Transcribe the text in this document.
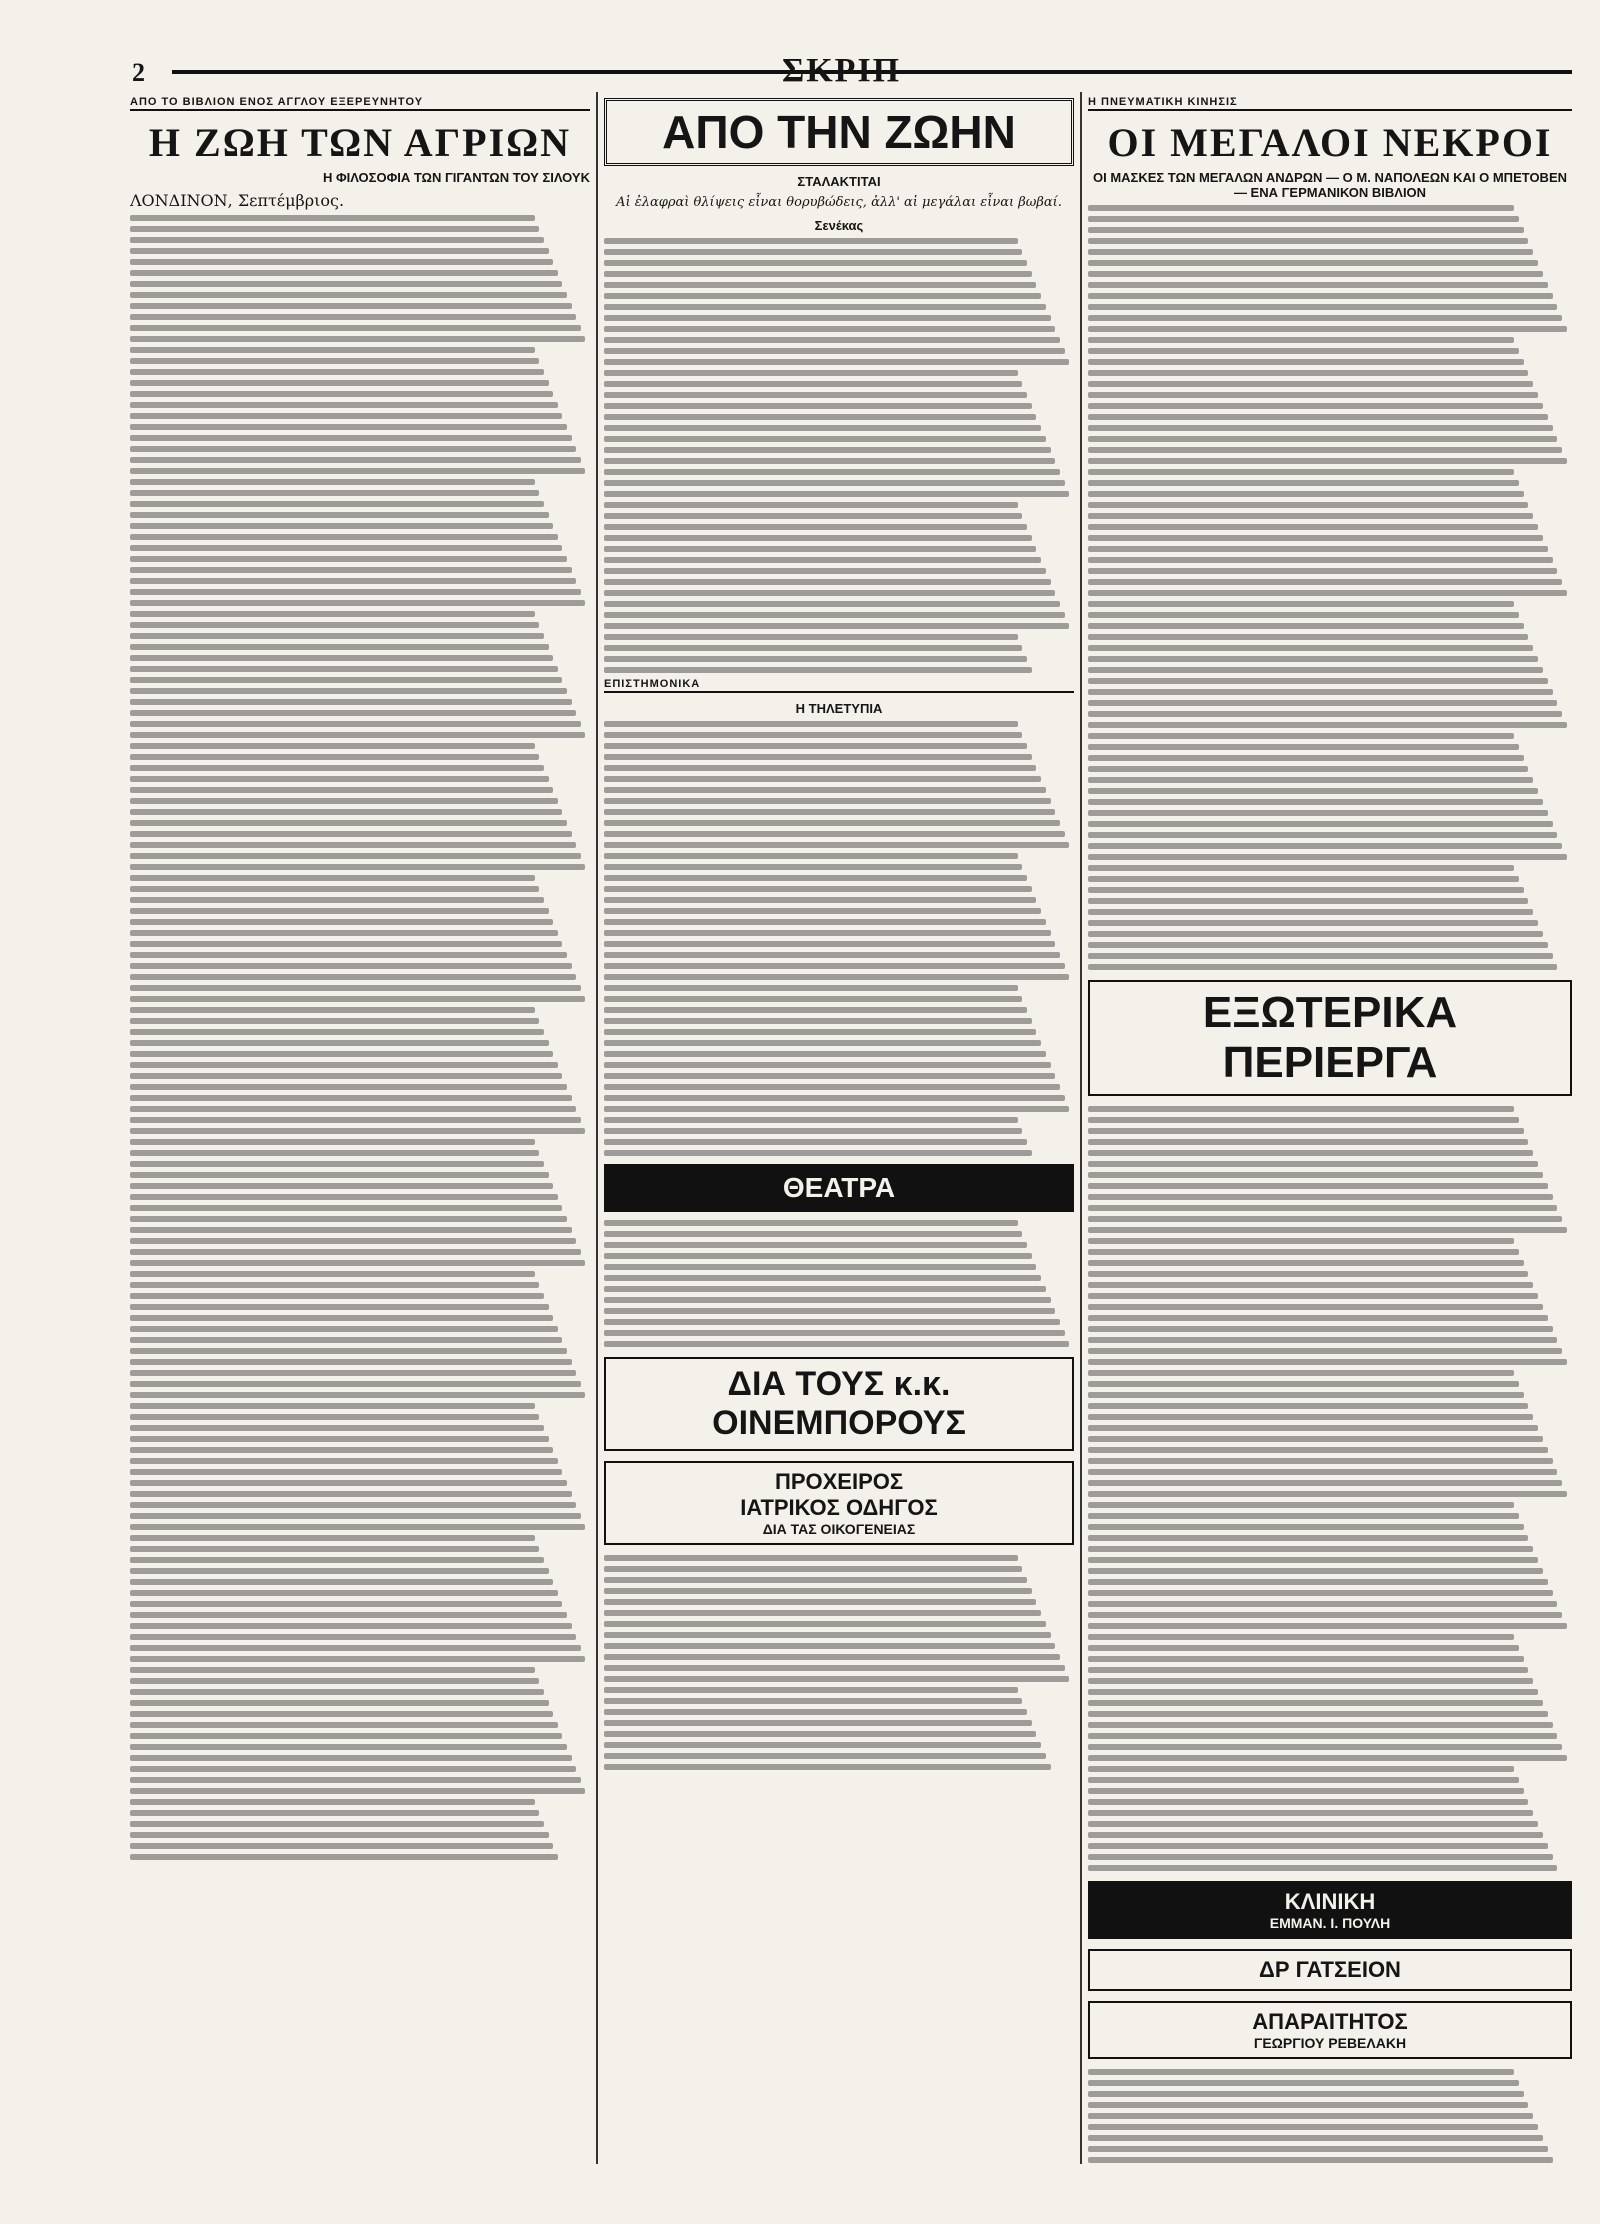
2	ΣΚΡΙΠ
ΑΠΟ ΤΟ ΒΙΒΛΙΟΝ ΕΝΟΣ ΑΓΓΛΟΥ ΕΞΕΡΕΥΝΗΤΟΥ
Η ΖΩΗ ΤΩΝ ΑΓΡΙΩΝ
Η ΦΙΛΟΣΟΦΙΑ ΤΩΝ ΓΙΓΑΝΤΩΝ ΤΟΥ ΣΙΛΟΥΚ
ΛΟΝΔΙΝΟΝ, Σεπτέμβριος.
ΑΠΟ ΤΗΝ ΖΩΗΝ
ΣΤΑΛΑΚΤΙΤΑΙ
Αἱ ἐλαφραὶ θλίψεις εἶναι θορυβώδεις, ἀλλ' αἱ μεγάλαι εἶναι βωβαί.
Σενέκας
ΕΠΙΣΤΗΜΟΝΙΚΑ
Η ΤΗΛΕΤΥΠΙΑ
ΘΕΑΤΡΑ
ΔΙΑ ΤΟΥΣ κ.κ. ΟΙΝΕΜΠΟΡΟΥΣ
ΠΡΟΧΕΙΡΟΣ
ΙΑΤΡΙΚΟΣ ΟΔΗΓΟΣ
ΔΙΑ ΤΑΣ ΟΙΚΟΓΕΝΕΙΑΣ
Η ΠΝΕΥΜΑΤΙΚΗ ΚΙΝΗΣΙΣ
ΟΙ ΜΕΓΑΛΟΙ ΝΕΚΡΟΙ
ΟΙ ΜΑΣΚΕΣ ΤΩΝ ΜΕΓΑΛΩΝ ΑΝΔΡΩΝ — Ο Μ. ΝΑΠΟΛΕΩΝ ΚΑΙ Ο ΜΠΕΤΟΒΕΝ — ΕΝΑ ΓΕΡΜΑΝΙΚΟΝ ΒΙΒΛΙΟΝ
ΕΞΩΤΕΡΙΚΑ ΠΕΡΙΕΡΓΑ
ΚΛΙΝΙΚΗ
ΕΜΜΑΝ. Ι. ΠΟΥΛΗ
ΔΡ ΓΑΤΣΕΙΟΝ
ΑΠΑΡΑΙΤΗΤΟΣ
ΓΕΩΡΓΙΟΥ ΡΕΒΕΛΑΚΗ
